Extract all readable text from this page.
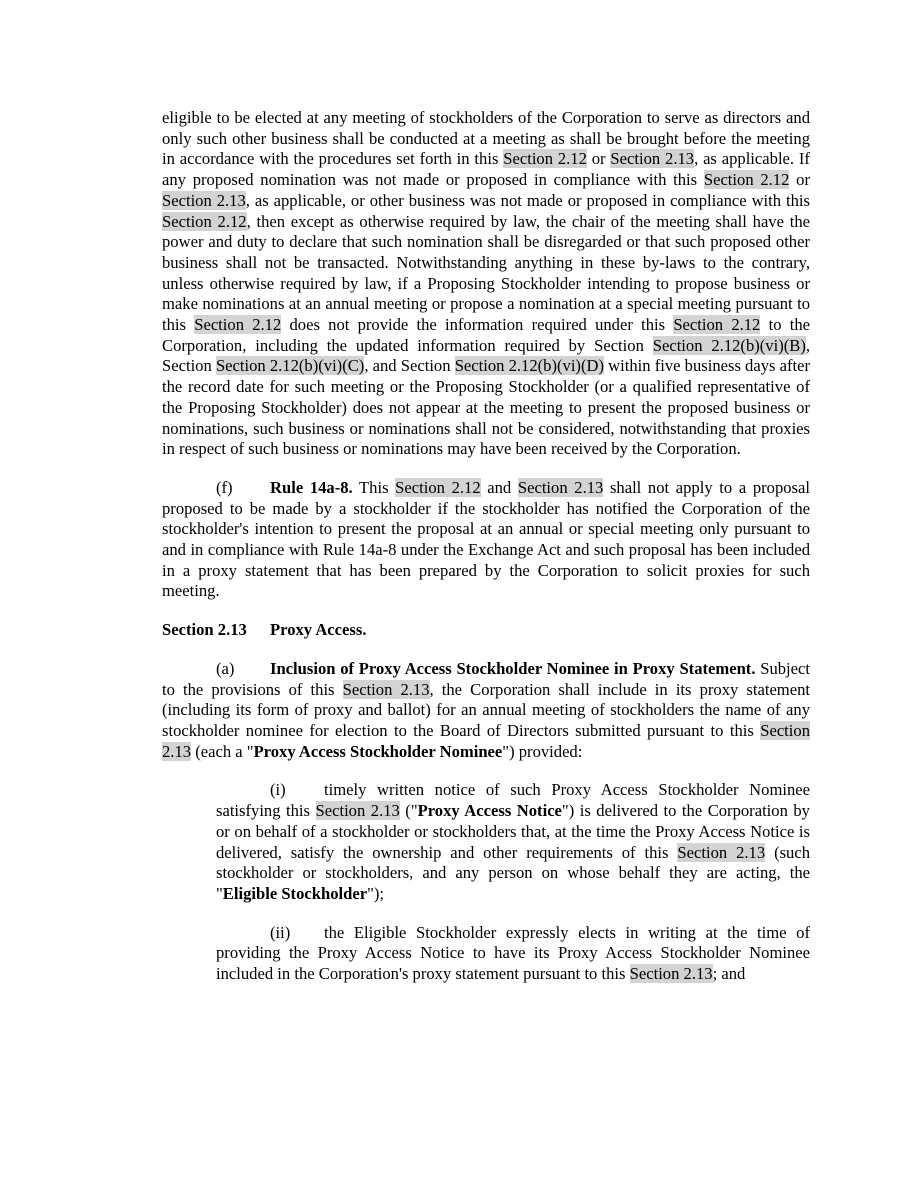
eligible to be elected at any meeting of stockholders of the Corporation to serve as directors and only such other business shall be conducted at a meeting as shall be brought before the meeting in accordance with the procedures set forth in this Section 2.12 or Section 2.13, as applicable. If any proposed nomination was not made or proposed in compliance with this Section 2.12 or Section 2.13, as applicable, or other business was not made or proposed in compliance with this Section 2.12, then except as otherwise required by law, the chair of the meeting shall have the power and duty to declare that such nomination shall be disregarded or that such proposed other business shall not be transacted. Notwithstanding anything in these by-laws to the contrary, unless otherwise required by law, if a Proposing Stockholder intending to propose business or make nominations at an annual meeting or propose a nomination at a special meeting pursuant to this Section 2.12 does not provide the information required under this Section 2.12 to the Corporation, including the updated information required by Section Section 2.12(b)(vi)(B), Section Section 2.12(b)(vi)(C), and Section Section 2.12(b)(vi)(D) within five business days after the record date for such meeting or the Proposing Stockholder (or a qualified representative of the Proposing Stockholder) does not appear at the meeting to present the proposed business or nominations, such business or nominations shall not be considered, notwithstanding that proxies in respect of such business or nominations may have been received by the Corporation.

(f) Rule 14a-8. This Section 2.12 and Section 2.13 shall not apply to a proposal proposed to be made by a stockholder if the stockholder has notified the Corporation of the stockholder's intention to present the proposal at an annual or special meeting only pursuant to and in compliance with Rule 14a-8 under the Exchange Act and such proposal has been included in a proxy statement that has been prepared by the Corporation to solicit proxies for such meeting.

Section 2.13 Proxy Access.

(a) Inclusion of Proxy Access Stockholder Nominee in Proxy Statement. Subject to the provisions of this Section 2.13, the Corporation shall include in its proxy statement (including its form of proxy and ballot) for an annual meeting of stockholders the name of any stockholder nominee for election to the Board of Directors submitted pursuant to this Section 2.13 (each a "Proxy Access Stockholder Nominee") provided:

(i) timely written notice of such Proxy Access Stockholder Nominee satisfying this Section 2.13 ("Proxy Access Notice") is delivered to the Corporation by or on behalf of a stockholder or stockholders that, at the time the Proxy Access Notice is delivered, satisfy the ownership and other requirements of this Section 2.13 (such stockholder or stockholders, and any person on whose behalf they are acting, the "Eligible Stockholder");

(ii) the Eligible Stockholder expressly elects in writing at the time of providing the Proxy Access Notice to have its Proxy Access Stockholder Nominee included in the Corporation's proxy statement pursuant to this Section 2.13; and
